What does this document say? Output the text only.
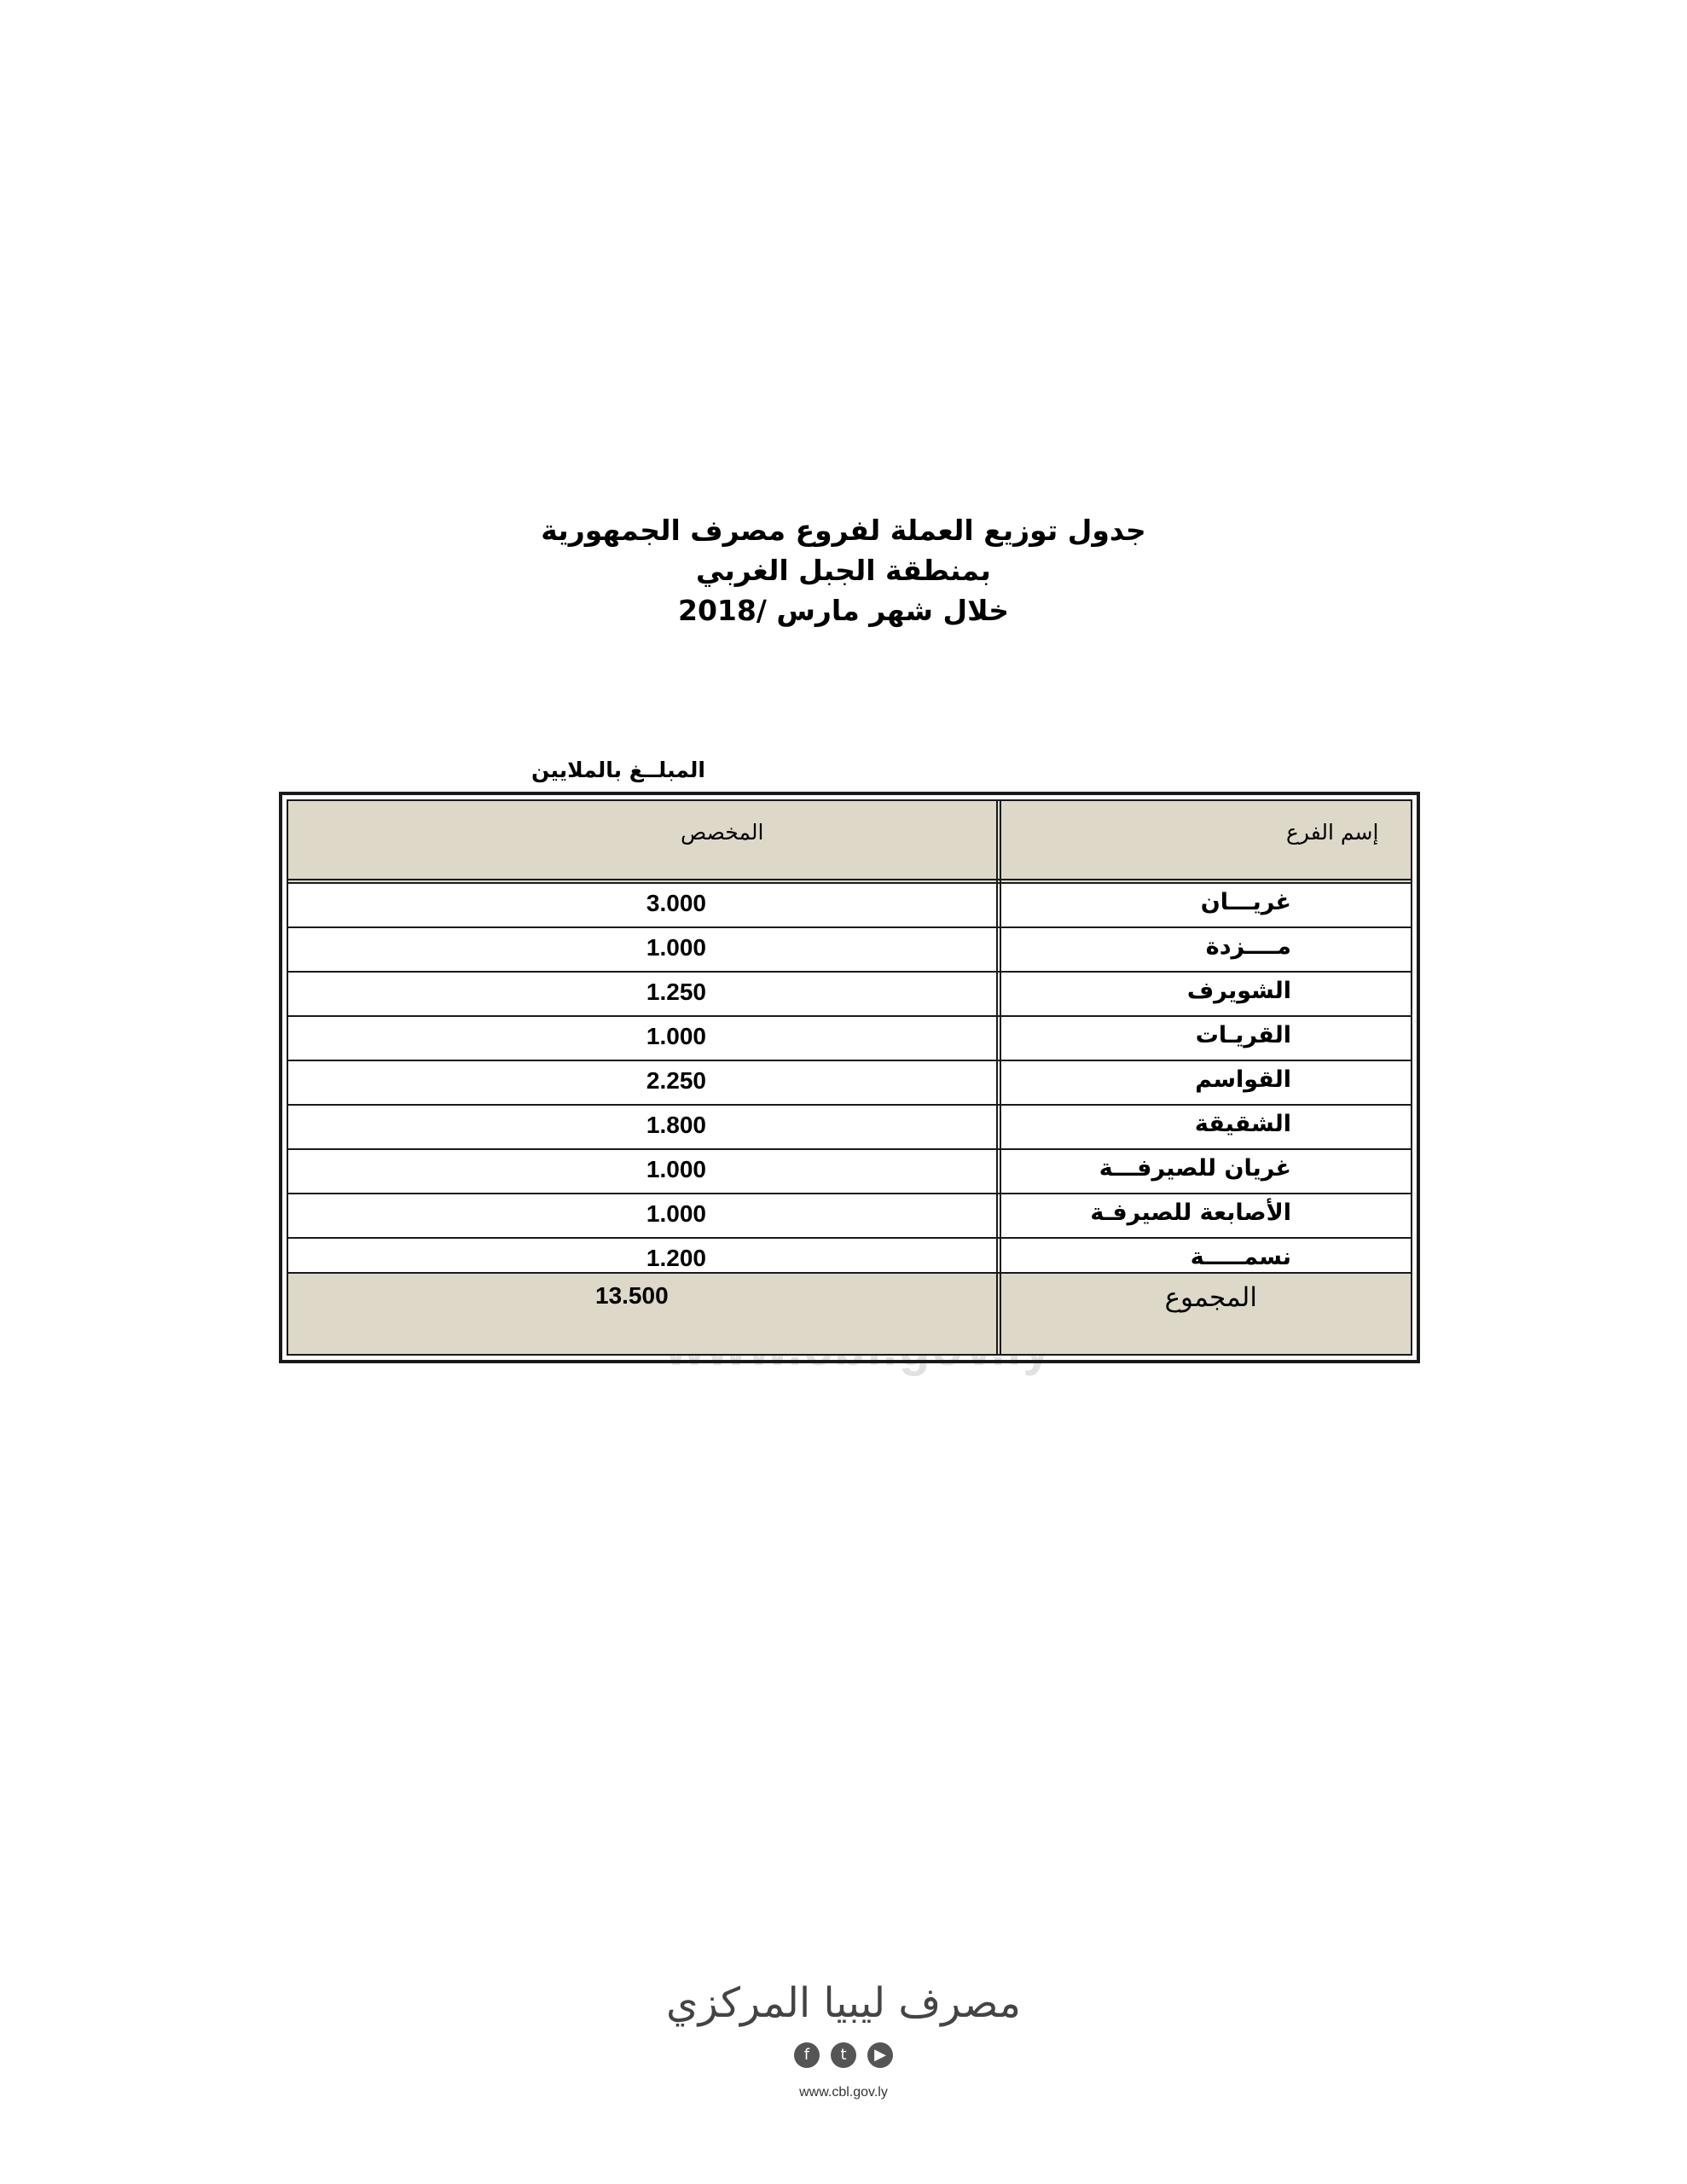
جدول توزيع العملة لفروع مصرف الجمهورية
بمنطقة الجبل الغربي
خلال شهر مارس /2018
المبلــغ بالملايين
إسم الفرع
المخصص
غريـــان
3.000
مــــزدة
1.000
الشويرف
1.250
القريـات
1.000
القواسم
2.250
الشقيقة
1.800
غريان للصيرفـــة
1.000
الأصابعة للصيرفـة
1.000
نسمـــــة
1.200
المجموع
13.500
مصرف ليبيا المركزي
f t ▶
www.cbl.gov.ly
